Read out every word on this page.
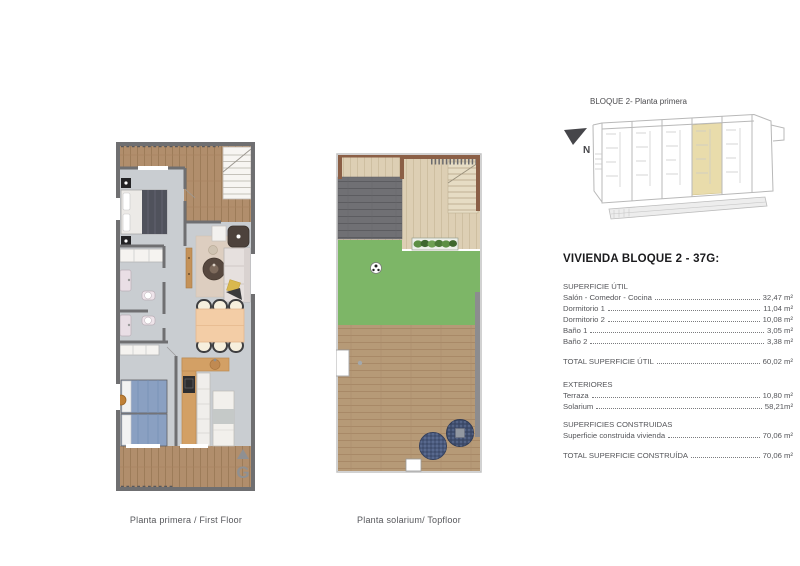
G
BLOQUE 2- Planta primera
N
VIVIENDA BLOQUE 2 - 37G:
SUPERFICIE ÚTIL
Salón - Comedor - Cocina	32,47 m²
Dormitorio 1	11,04 m²
Dormitorio 2	10,08 m²
Baño 1	3,05 m²
Baño 2	3,38 m²
TOTAL SUPERFICIE ÚTIL	60,02 m²
EXTERIORES
Terraza	10,80 m²
Solarium	58,21m²
SUPERFICIES CONSTRUIDAS
Superficie construida vivienda	70,06 m²
TOTAL SUPERFICIE CONSTRUÍDA	70,06 m²
Planta primera / First Floor	Planta solarium/ Topfloor
